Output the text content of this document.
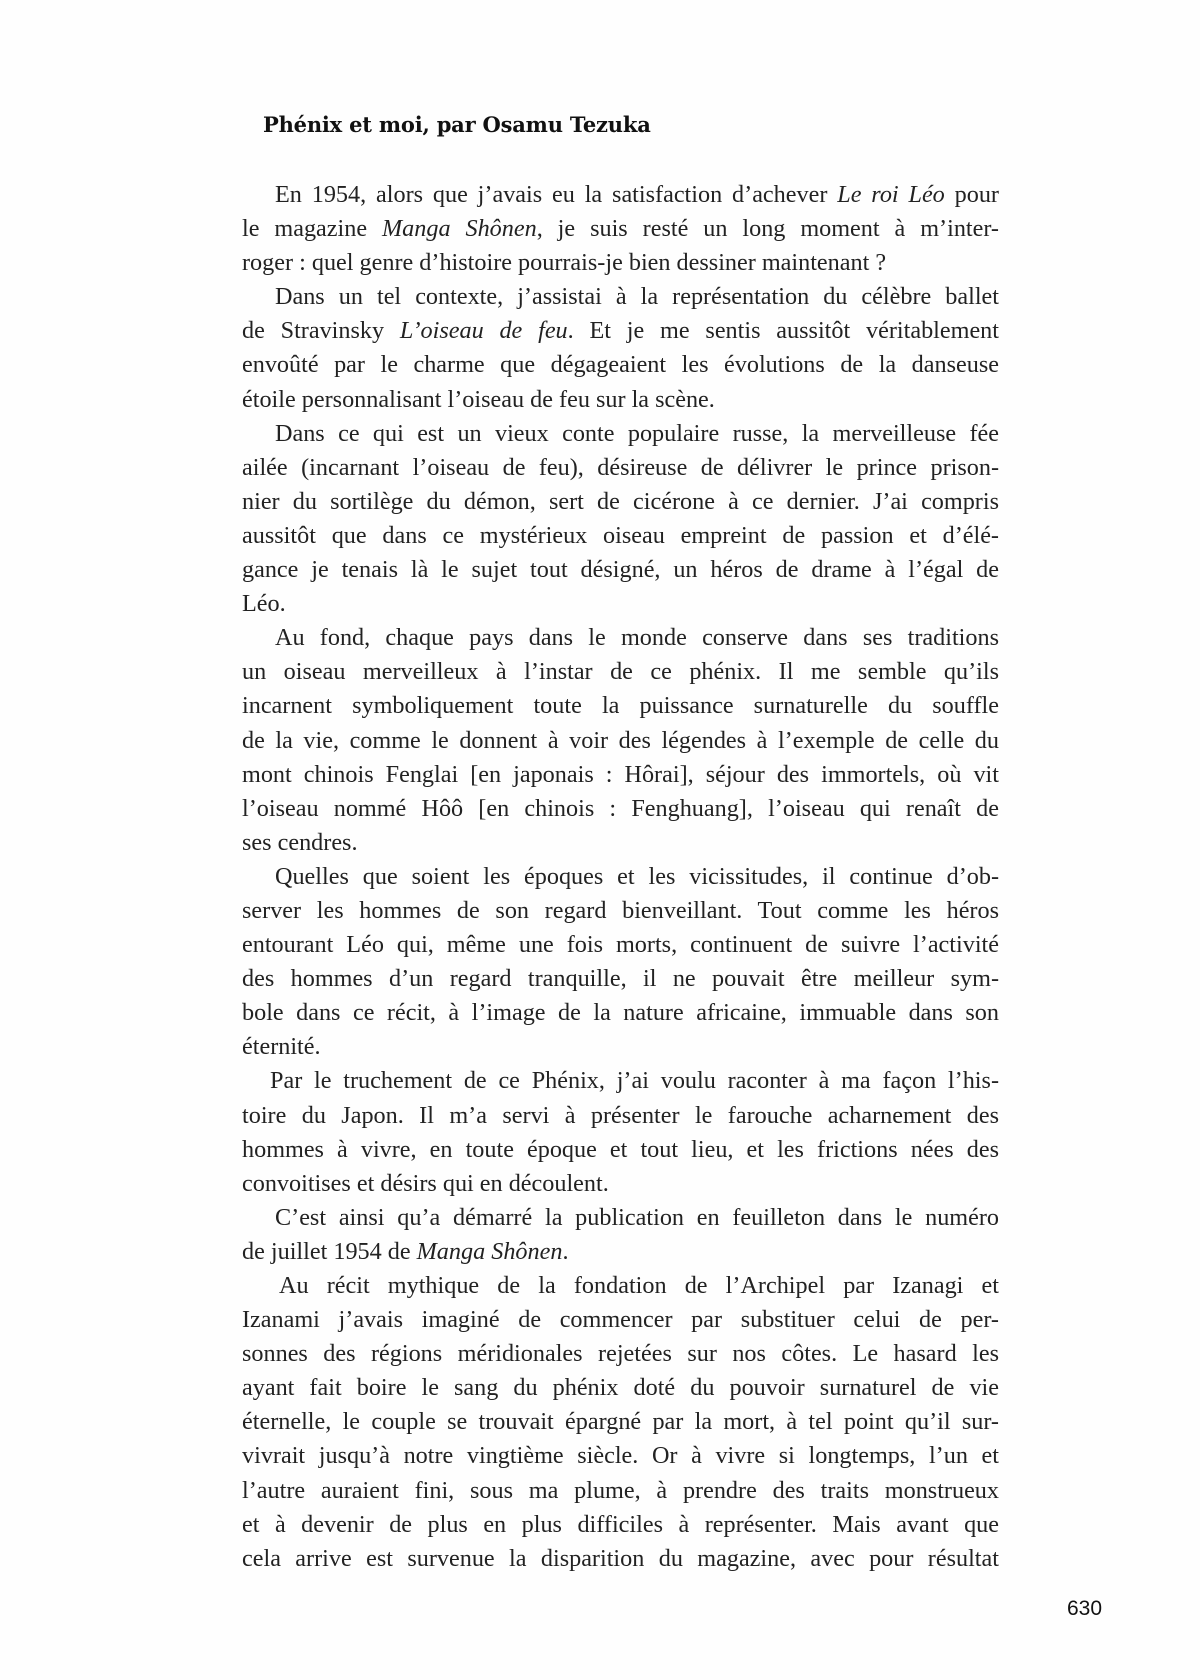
Phénix et moi, par Osamu Tezuka
En 1954, alors que j’avais eu la satisfaction d’achever Le roi Léo pour
le magazine Manga Shônen, je suis resté un long moment à m’inter-
roger : quel genre d’histoire pourrais-je bien dessiner maintenant ?
Dans un tel contexte, j’assistai à la représentation du célèbre ballet
de Stravinsky L’oiseau de feu. Et je me sentis aussitôt véritablement
envoûté par le charme que dégageaient les évolutions de la danseuse
étoile personnalisant l’oiseau de feu sur la scène.
Dans ce qui est un vieux conte populaire russe, la merveilleuse fée
ailée (incarnant l’oiseau de feu), désireuse de délivrer le prince prison-
nier du sortilège du démon, sert de cicérone à ce dernier. J’ai compris
aussitôt que dans ce mystérieux oiseau empreint de passion et d’élé-
gance je tenais là le sujet tout désigné, un héros de drame à l’égal de
Léo.
Au fond, chaque pays dans le monde conserve dans ses traditions
un oiseau merveilleux à l’instar de ce phénix. Il me semble qu’ils
incarnent symboliquement toute la puissance surnaturelle du souffle
de la vie, comme le donnent à voir des légendes à l’exemple de celle du
mont chinois Fenglai [en japonais : Hôrai], séjour des immortels, où vit
l’oiseau nommé Hôô [en chinois : Fenghuang], l’oiseau qui renaît de
ses cendres.
Quelles que soient les époques et les vicissitudes, il continue d’ob-
server les hommes de son regard bienveillant. Tout comme les héros
entourant Léo qui, même une fois morts, continuent de suivre l’activité
des hommes d’un regard tranquille, il ne pouvait être meilleur sym-
bole dans ce récit, à l’image de la nature africaine, immuable dans son
éternité.
Par le truchement de ce Phénix, j’ai voulu raconter à ma façon l’his-
toire du Japon. Il m’a servi à présenter le farouche acharnement des
hommes à vivre, en toute époque et tout lieu, et les frictions nées des
convoitises et désirs qui en découlent.
C’est ainsi qu’a démarré la publication en feuilleton dans le numéro
de juillet 1954 de Manga Shônen.
Au récit mythique de la fondation de l’Archipel par Izanagi et
Izanami j’avais imaginé de commencer par substituer celui de per-
sonnes des régions méridionales rejetées sur nos côtes. Le hasard les
ayant fait boire le sang du phénix doté du pouvoir surnaturel de vie
éternelle, le couple se trouvait épargné par la mort, à tel point qu’il sur-
vivrait jusqu’à notre vingtième siècle. Or à vivre si longtemps, l’un et
l’autre auraient fini, sous ma plume, à prendre des traits monstrueux
et à devenir de plus en plus difficiles à représenter. Mais avant que
cela arrive est survenue la disparition du magazine, avec pour résultat
630
